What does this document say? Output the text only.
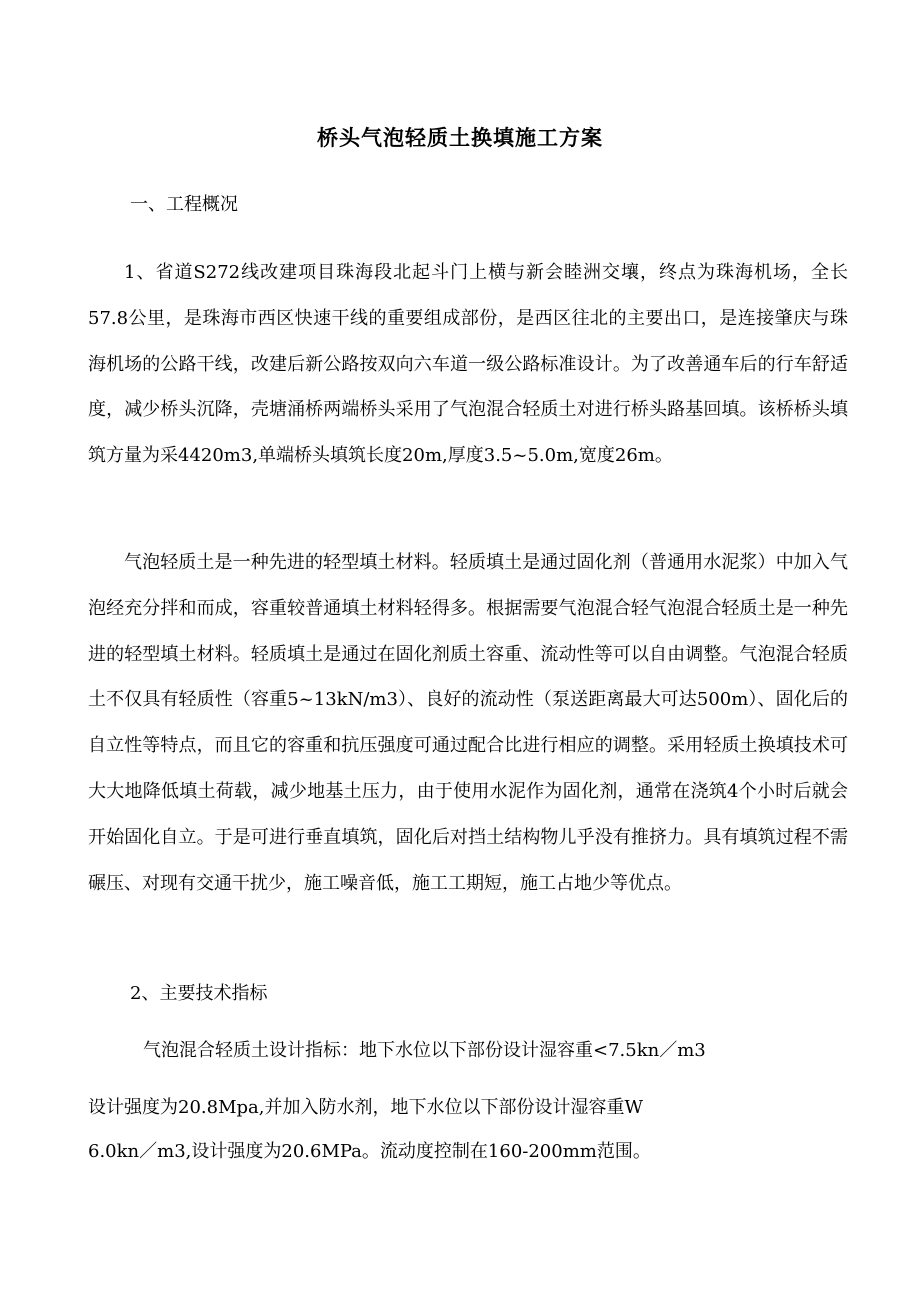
桥头气泡轻质土换填施工方案
一、工程概况

1、省道S272线改建项目珠海段北起斗门上横与新会睦洲交壤，终点为珠海机场，全长57.8公里，是珠海市西区快速干线的重要组成部份，是西区往北的主要出口，是连接肇庆与珠海机场的公路干线，改建后新公路按双向六车道一级公路标准设计。为了改善通车后的行车舒适度，减少桥头沉降，壳塘涌桥两端桥头采用了气泡混合轻质土对进行桥头路基回填。该桥桥头填筑方量为采4420m3,单端桥头填筑长度20m,厚度3.5~5.0m,宽度26m。

气泡轻质土是一种先进的轻型填土材料。轻质填土是通过固化剂（普通用水泥浆）中加入气泡经充分拌和而成，容重较普通填土材料轻得多。根据需要气泡混合轻气泡混合轻质土是一种先进的轻型填土材料。轻质填土是通过在固化剂质土容重、流动性等可以自由调整。气泡混合轻质土不仅具有轻质性（容重5~13kN/m3）、良好的流动性（泵送距离最大可达500m）、固化后的自立性等特点，而且它的容重和抗压强度可通过配合比进行相应的调整。采用轻质土换填技术可大大地降低填土荷载，减少地基土压力，由于使用水泥作为固化剂，通常在浇筑4个小时后就会开始固化自立。于是可进行垂直填筑，固化后对挡土结构物儿乎没有推挤力。具有填筑过程不需碾压、对现有交通干扰少，施工噪音低，施工工期短，施工占地少等优点。

2、主要技术指标
气泡混合轻质土设计指标：地下水位以下部份设计湿容重<7.5kn／m3
设计强度为20.8Mpa,并加入防水剂，地下水位以下部份设计湿容重W
6.0kn／m3,设计强度为20.6MPa。流动度控制在160-200mm范围。
